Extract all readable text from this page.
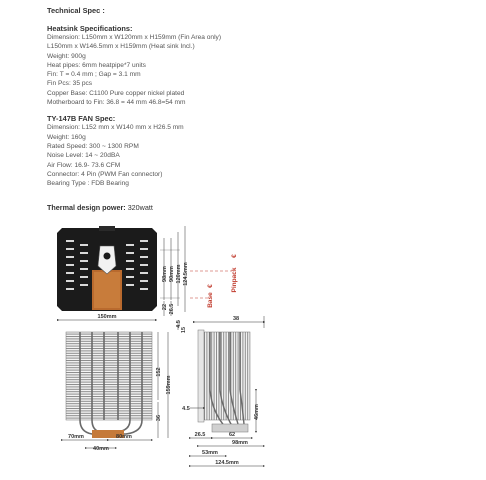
Technical Spec :

Heatsink Specifications:

Dimension: L150mm x W120mm x H159mm (Fin Area only)

L150mm x W146.5mm x H159mm (Heat sink Incl.)

Weight: 900g

Heat pipes: 6mm heatpipe*7 units

Fin: T = 0.4 mm ; Gap = 3.1 mm

Fin Pcs: 35 pcs

Copper Base: C1100 Pure copper nickel plated

Motherboard to Fin: 36.8 = 44 mm 46.8=54 mm

TY-147B FAN Spec:

Dimension: L152 mm x W140 mm x H26.5 mm

Weight: 160g

Rated Speed: 300 ~ 1300 RPM

Noise Level: 14 ~ 20dBA

Air Flow: 16.9- 73.6 CFM

Connector: 4 Pin (PWM Fan connector)

Bearing Type : FDB Bearing

Thermal design power: 320watt

150mm
98mm 90mm 120mm 124.5mm
22 26.5
4.5
Base
€	Pinpack
€
38
152
159mm
36
15
70mm	80mm
40mm
4.5	46mm
26.5	62
98mm
53mm
124.5mm
